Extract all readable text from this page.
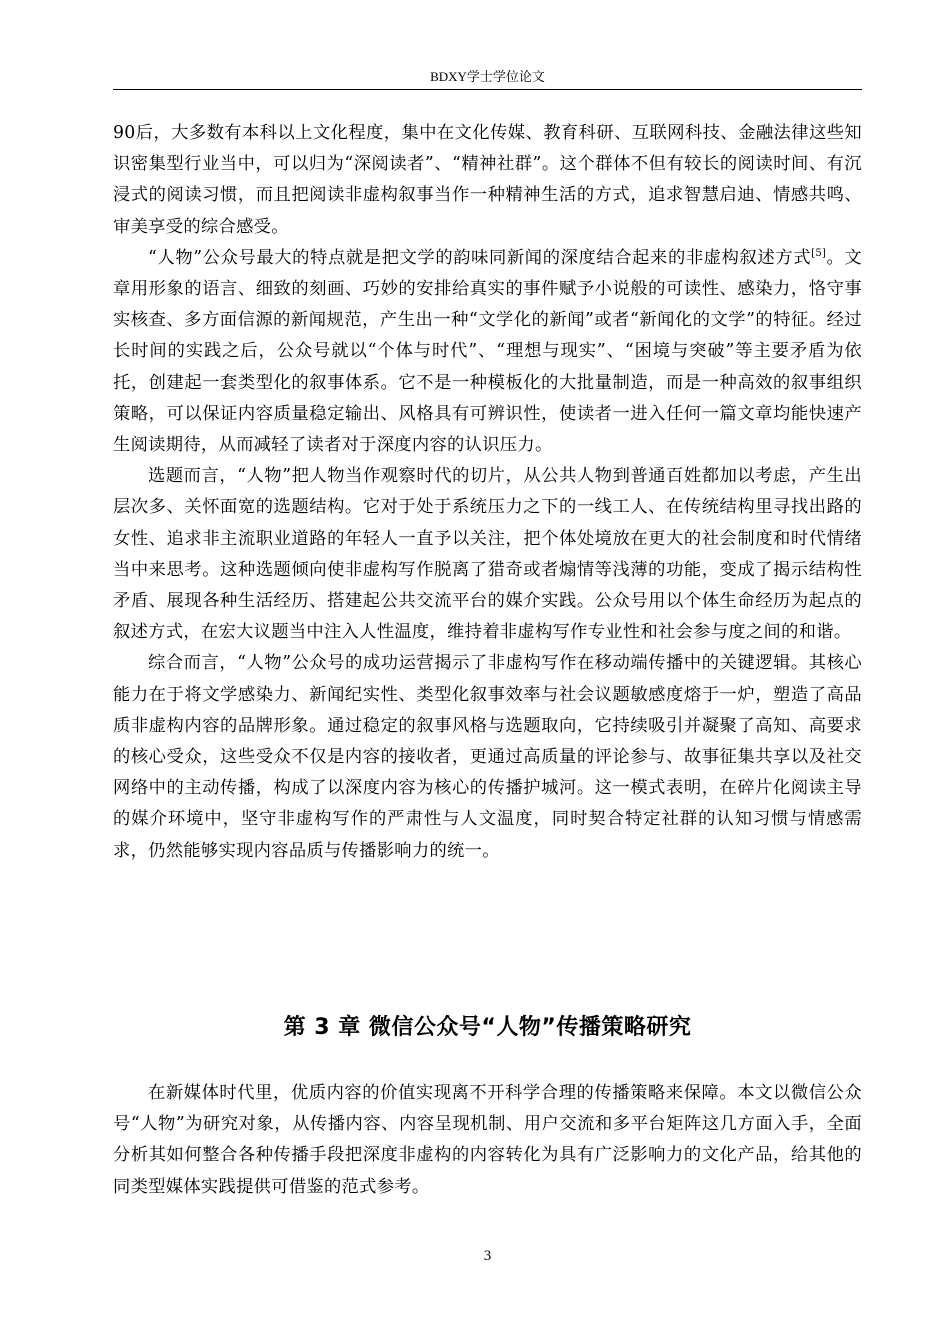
BDXY学士学位论文

90后，大多数有本科以上文化程度，集中在文化传媒、教育科研、互联网科技、金融法律这些知识密集型行业当中，可以归为“深阅读者”、“精神社群”。这个群体不但有较长的阅读时间、有沉浸式的阅读习惯，而且把阅读非虚构叙事当作一种精神生活的方式，追求智慧启迪、情感共鸣、审美享受的综合感受。

“人物”公众号最大的特点就是把文学的韵味同新闻的深度结合起来的非虚构叙述方式[5]。文章用形象的语言、细致的刻画、巧妙的安排给真实的事件赋予小说般的可读性、感染力，恪守事实核查、多方面信源的新闻规范，产生出一种“文学化的新闻”或者“新闻化的文学”的特征。经过长时间的实践之后，公众号就以“个体与时代”、“理想与现实”、“困境与突破”等主要矛盾为依托，创建起一套类型化的叙事体系。它不是一种模板化的大批量制造，而是一种高效的叙事组织策略，可以保证内容质量稳定输出、风格具有可辨识性，使读者一进入任何一篇文章均能快速产生阅读期待，从而减轻了读者对于深度内容的认识压力。

选题而言，“人物”把人物当作观察时代的切片，从公共人物到普通百姓都加以考虑，产生出层次多、关怀面宽的选题结构。它对于处于系统压力之下的一线工人、在传统结构里寻找出路的女性、追求非主流职业道路的年轻人一直予以关注，把个体处境放在更大的社会制度和时代情绪当中来思考。这种选题倾向使非虚构写作脱离了猎奇或者煽情等浅薄的功能，变成了揭示结构性矛盾、展现各种生活经历、搭建起公共交流平台的媒介实践。公众号用以个体生命经历为起点的叙述方式，在宏大议题当中注入人性温度，维持着非虚构写作专业性和社会参与度之间的和谐。

综合而言，“人物”公众号的成功运营揭示了非虚构写作在移动端传播中的关键逻辑。其核心能力在于将文学感染力、新闻纪实性、类型化叙事效率与社会议题敏感度熔于一炉，塑造了高品质非虚构内容的品牌形象。通过稳定的叙事风格与选题取向，它持续吸引并凝聚了高知、高要求的核心受众，这些受众不仅是内容的接收者，更通过高质量的评论参与、故事征集共享以及社交网络中的主动传播，构成了以深度内容为核心的传播护城河。这一模式表明，在碎片化阅读主导的媒介环境中，坚守非虚构写作的严肃性与人文温度，同时契合特定社群的认知习惯与情感需求，仍然能够实现内容品质与传播影响力的统一。

第 3 章 微信公众号“人物”传播策略研究

在新媒体时代里，优质内容的价值实现离不开科学合理的传播策略来保障。本文以微信公众号“人物”为研究对象，从传播内容、内容呈现机制、用户交流和多平台矩阵这几方面入手，全面分析其如何整合各种传播手段把深度非虚构的内容转化为具有广泛影响力的文化产品，给其他的同类型媒体实践提供可借鉴的范式参考。

3
